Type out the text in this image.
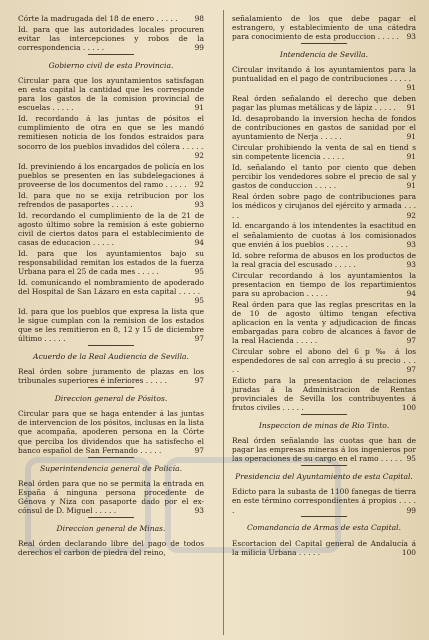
Córte la madrugada del 18 de enero . . . . . 98
Id. para que las autoridades locales procuren evitar las intercepciones y robos de la correspondencia . . . . .	99
Gobierno civil de esta Provincia.
Circular para que los ayuntamientos satisfagan en esta capital la cantidad que les corresponde para los gastos de la comision provincial de escuelas . . . . .	91
Id. recordando á las juntas de pósitos el cumplimiento de otra en que se les mandó remitiesen noticia de los fondos estraidos para socorro de los pueblos invadidos del cólera . . . . .
92
Id. previniendo á los encargados de policía en los pueblos se presenten en las subdelegaciones á proveerse de los documentos del ramo . . . . . 92
Id. para que no se exija retribucion por los refrendos de pasaportes . . . . .	93
Id. recordando el cumplimiento de la de 21 de agosto último sobre la remision á este gobierno civil de ciertos datos para el establecimiento de casas de educacion . . . . .	94
Id. para que los ayuntamientos bajo su responsabilidad remitan los estados de la fuerza Urbana para el 25 de cada mes . . . . .	95
Id. comunicando el nombramiento de apoderado del Hospital de San Lázaro en esta capital . . . . .
95
Id. para que los pueblos que expresa la lista que le sigue cumplan con la remision de los estados que se les remitieron en 8, 12 y 15 de diciembre último . . . . .	97
Acuerdo de la Real Audiencia de Sevilla.
Real órden sobre juramento de plazas en los tribunales superiores é inferiores . . . . .	97
Direccion general de Pósitos.
Circular para que se haga entender á las juntas de intervencion de los pósitos, inclusas en la lista que acompaña, apoderen persona en la Córte que perciba los dividendos que ha satisfecho el banco español de San Fernando . . . . .	97
Superintendencia general de Policía.
Real órden para que no se permita la entrada en España á ninguna persona procedente de Génova y Niza con pasaporte dado por el ex-cónsul de D. Miguel . . . . .	93
Direccion general de Minas.
Real órden declarando libre del pago de todos derechos el carbon de piedra del reino,
señalamiento de los que debe pagar el estrangero, y establecimiento de una cátedra para conocimiento de esta produccion . . . . . 93
Intendencia de Sevilla.
Circular invitando á los ayuntamientos para la puntualidad en el pago de contribuciones . . . . .
91
Real órden señalando el derecho que deben pagar las plumas metálicas y de lápiz . . . . . 91
Id. desaprobando la inversion hecha de fondos de contribuciones en gastos de sanidad por el ayuntamiento de Nerja . . . . .	91
Circular prohibiendo la venta de sal en tiend s sin competente licencia . . . . .	91
Id. señalando el tanto por ciento que deben percibir los vendedores sobre el precio de sal y gastos de conduccion . . . . .	91
Real órden sobre pago de contribuciones para los médicos y cirujanos del ejército y armada . . . . .	92
Id. encargando á los intendentes la esactitud en el señalamiento de cuotas á los comisionados que envién á los pueblos . . . . .	93
Id. sobre reforma de abusos en los productos de la real gracia del escusado . . . . .	93
Circular recordando á los ayuntamientos la presentacion en tiempo de los repartimientos para su aprobacion . . . . .	94
Real órden para que las reglas prescritas en la de 10 de agosto último tengan efectiva aplicacion en la venta y adjudicacion de fincas embargadas para cobro de alcances á favor de la real Hacienda . . . . .	97
Circular sobre el abono del 6 p ‰ á los espendedores de sal con arreglo á su precio . . . . .	97
Edicto para la presentacion de relaciones juradas á la Administracion de Rentas provinciales de Sevilla los contribuyentes á frutos civiles . . . . .	100
Inspeccion de minas de Rio Tinto.
Real órden señalando las cuotas que han de pagar las empresas mineras á los ingenieros por las operaciones de su cargo en el ramo . . . . . 95
Presidencia del Ayuntamiento de esta Capital.
Edicto para la subasta de 1100 fanegas de tierra en este término correspondientes á propios . . . . .	99
Comandancia de Armas de esta Capital.
Escortacion del Capital general de Andalucía á la milicia Urbana . . . . .	100
